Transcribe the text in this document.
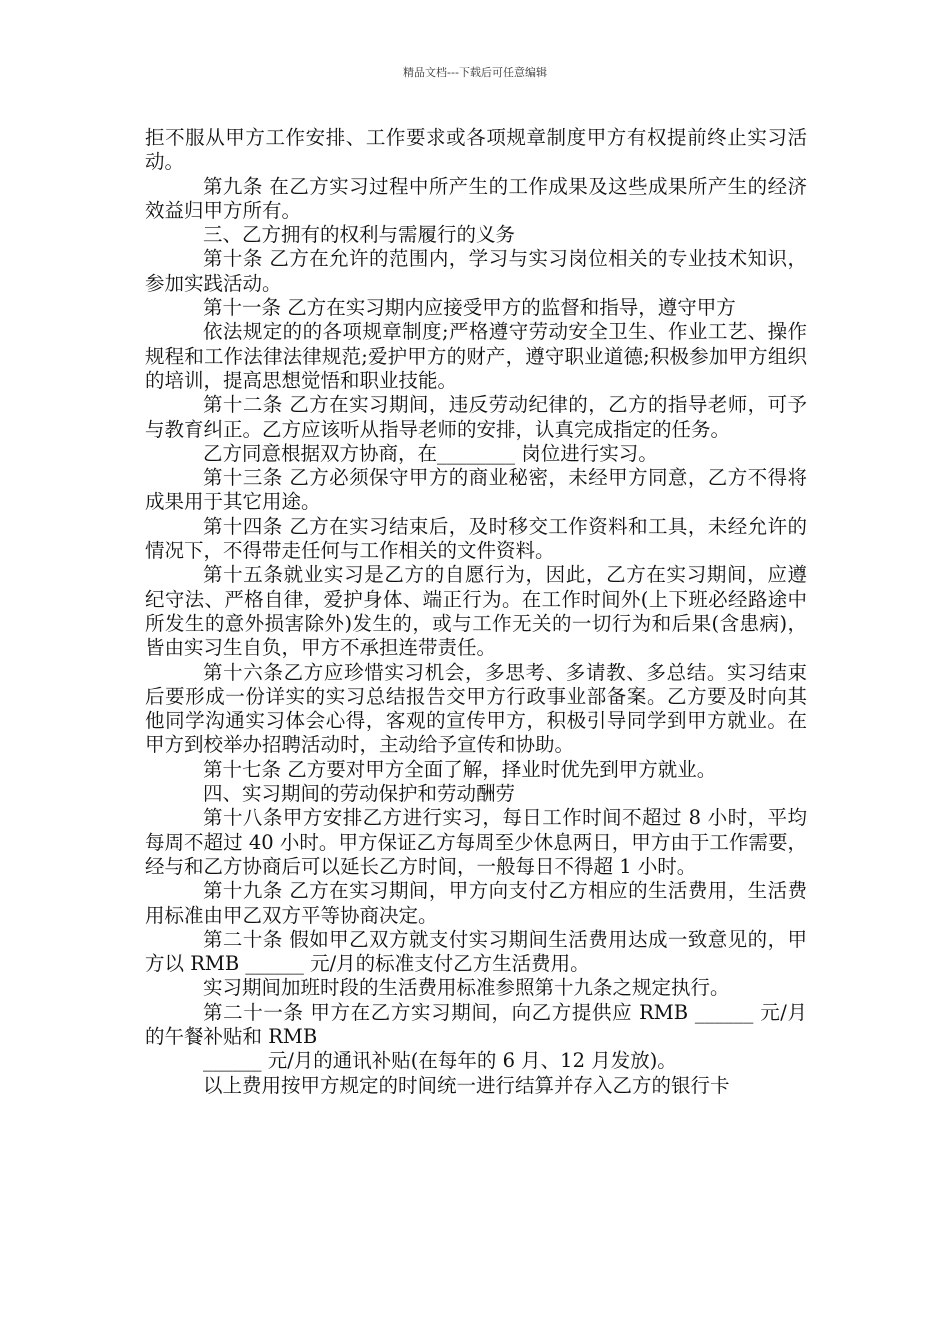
精品文档---下载后可任意编辑

拒不服从甲方工作安排、工作要求或各项规章制度甲方有权提前终止实习活动。

第九条 在乙方实习过程中所产生的工作成果及这些成果所产生的经济效益归甲方所有。

三、乙方拥有的权利与需履行的义务

第十条 乙方在允许的范围内，学习与实习岗位相关的专业技术知识，参加实践活动。

第十一条 乙方在实习期内应接受甲方的监督和指导，遵守甲方

依法规定的的各项规章制度;严格遵守劳动安全卫生、作业工艺、操作规程和工作法律法律规范;爱护甲方的财产，遵守职业道德;积极参加甲方组织的培训，提高思想觉悟和职业技能。

第十二条 乙方在实习期间，违反劳动纪律的，乙方的指导老师，可予与教育纠正。乙方应该听从指导老师的安排，认真完成指定的任务。

乙方同意根据双方协商，在________ 岗位进行实习。

第十三条 乙方必须保守甲方的商业秘密，未经甲方同意，乙方不得将成果用于其它用途。

第十四条 乙方在实习结束后，及时移交工作资料和工具，未经允许的情况下，不得带走任何与工作相关的文件资料。

第十五条就业实习是乙方的自愿行为，因此，乙方在实习期间，应遵纪守法、严格自律，爱护身体、端正行为。在工作时间外(上下班必经路途中所发生的意外损害除外)发生的，或与工作无关的一切行为和后果(含患病)，皆由实习生自负，甲方不承担连带责任。

第十六条乙方应珍惜实习机会，多思考、多请教、多总结。实习结束后要形成一份详实的实习总结报告交甲方行政事业部备案。乙方要及时向其他同学沟通实习体会心得，客观的宣传甲方，积极引导同学到甲方就业。在甲方到校举办招聘活动时，主动给予宣传和协助。

第十七条 乙方要对甲方全面了解，择业时优先到甲方就业。

四、实习期间的劳动保护和劳动酬劳

第十八条甲方安排乙方进行实习，每日工作时间不超过 8 小时，平均每周不超过 40 小时。甲方保证乙方每周至少休息两日，甲方由于工作需要，经与和乙方协商后可以延长乙方时间，一般每日不得超 1 小时。

第十九条 乙方在实习期间，甲方向支付乙方相应的生活费用，生活费用标准由甲乙双方平等协商决定。

第二十条 假如甲乙双方就支付实习期间生活费用达成一致意见的，甲方以 RMB ______ 元/月的标准支付乙方生活费用。

实习期间加班时段的生活费用标准参照第十九条之规定执行。

第二十一条 甲方在乙方实习期间，向乙方提供应 RMB ______ 元/月的午餐补贴和 RMB

______ 元/月的通讯补贴(在每年的 6 月、12 月发放)。

以上费用按甲方规定的时间统一进行结算并存入乙方的银行卡
